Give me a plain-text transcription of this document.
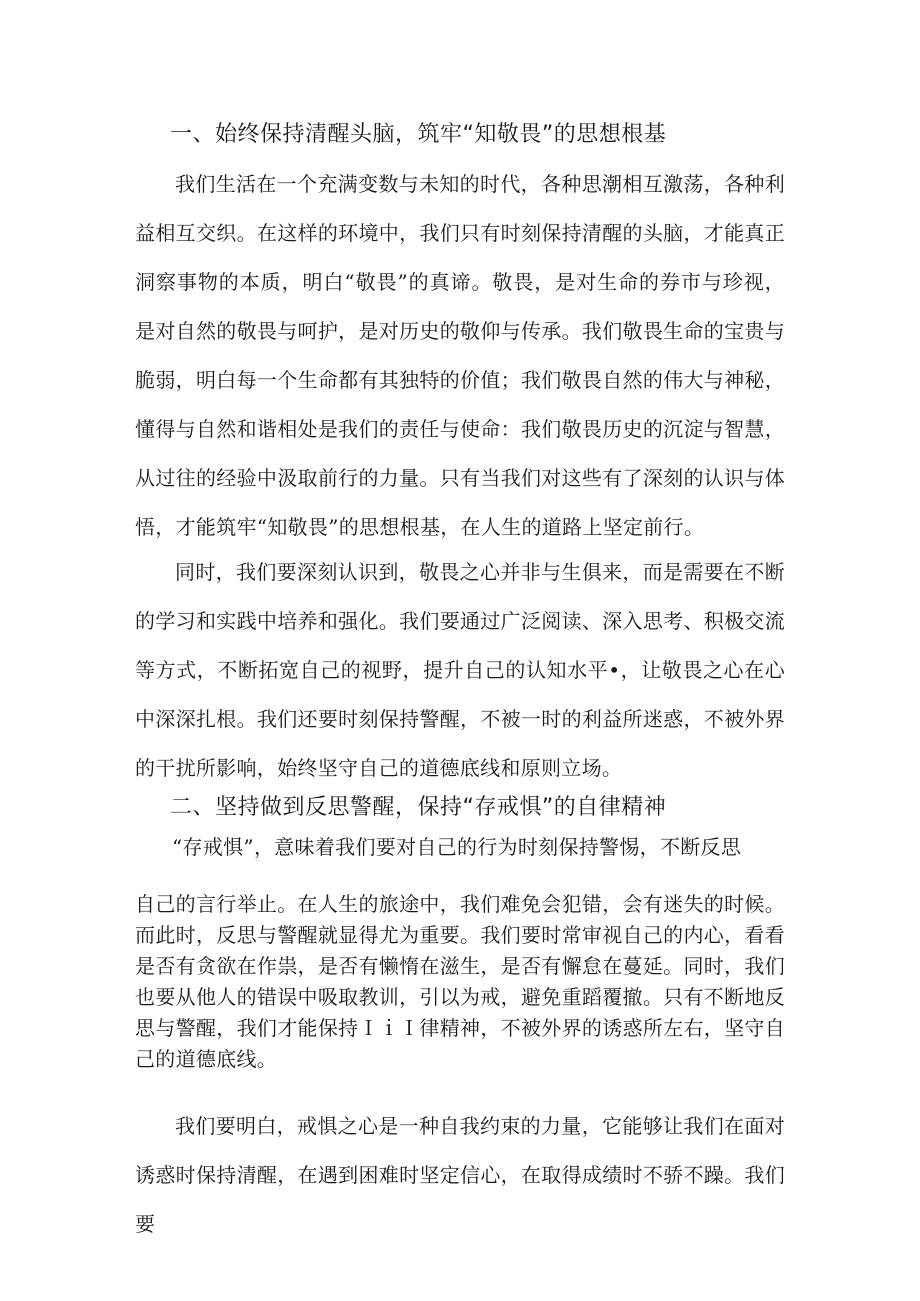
一、始终保持清醒头脑，筑牢“知敬畏”的思想根基

我们生活在一个充满变数与未知的时代，各种思潮相互激荡，各种利益相互交织。在这样的环境中，我们只有时刻保持清醒的头脑，才能真正洞察事物的本质，明白“敬畏”的真谛。敬畏，是对生命的券市与珍视，是对自然的敬畏与呵护，是对历史的敬仰与传承。我们敬畏生命的宝贵与脆弱，明白每一个生命都有其独特的价值；我们敬畏自然的伟大与神秘，懂得与自然和谐相处是我们的责任与使命：我们敬畏历史的沉淀与智慧，从过往的经验中汲取前行的力量。只有当我们对这些有了深刻的认识与体悟，才能筑牢“知敬畏”的思想根基，在人生的道路上坚定前行。

同时，我们要深刻认识到，敬畏之心并非与生俱来，而是需要在不断的学习和实践中培养和强化。我们要通过广泛阅读、深入思考、积极交流等方式，不断拓宽自己的视野，提升自己的认知水平•，让敬畏之心在心中深深扎根。我们还要时刻保持警醒，不被一时的利益所迷惑，不被外界的干扰所影响，始终坚守自己的道德底线和原则立场。

二、坚持做到反思警醒，保持“存戒惧”的自律精神

“存戒惧”，意味着我们要对自己的行为时刻保持警惕，不断反思

自己的言行举止。在人生的旅途中，我们难免会犯错，会有迷失的时候。而此时，反思与警醒就显得尤为重要。我们要时常审视自己的内心，看看是否有贪欲在作祟，是否有懒惰在滋生，是否有懈怠在蔓延。同时，我们也要从他人的错误中吸取教训，引以为戒，避免重蹈覆撤。只有不断地反思与警醒，我们才能保持ＩｉＩ律精神，不被外界的诱惑所左右，坚守自己的道德底线。

我们要明白，戒惧之心是一种自我约束的力量，它能够让我们在面对诱惑时保持清醒，在遇到困难时坚定信心，在取得成绩时不骄不躁。我们要
